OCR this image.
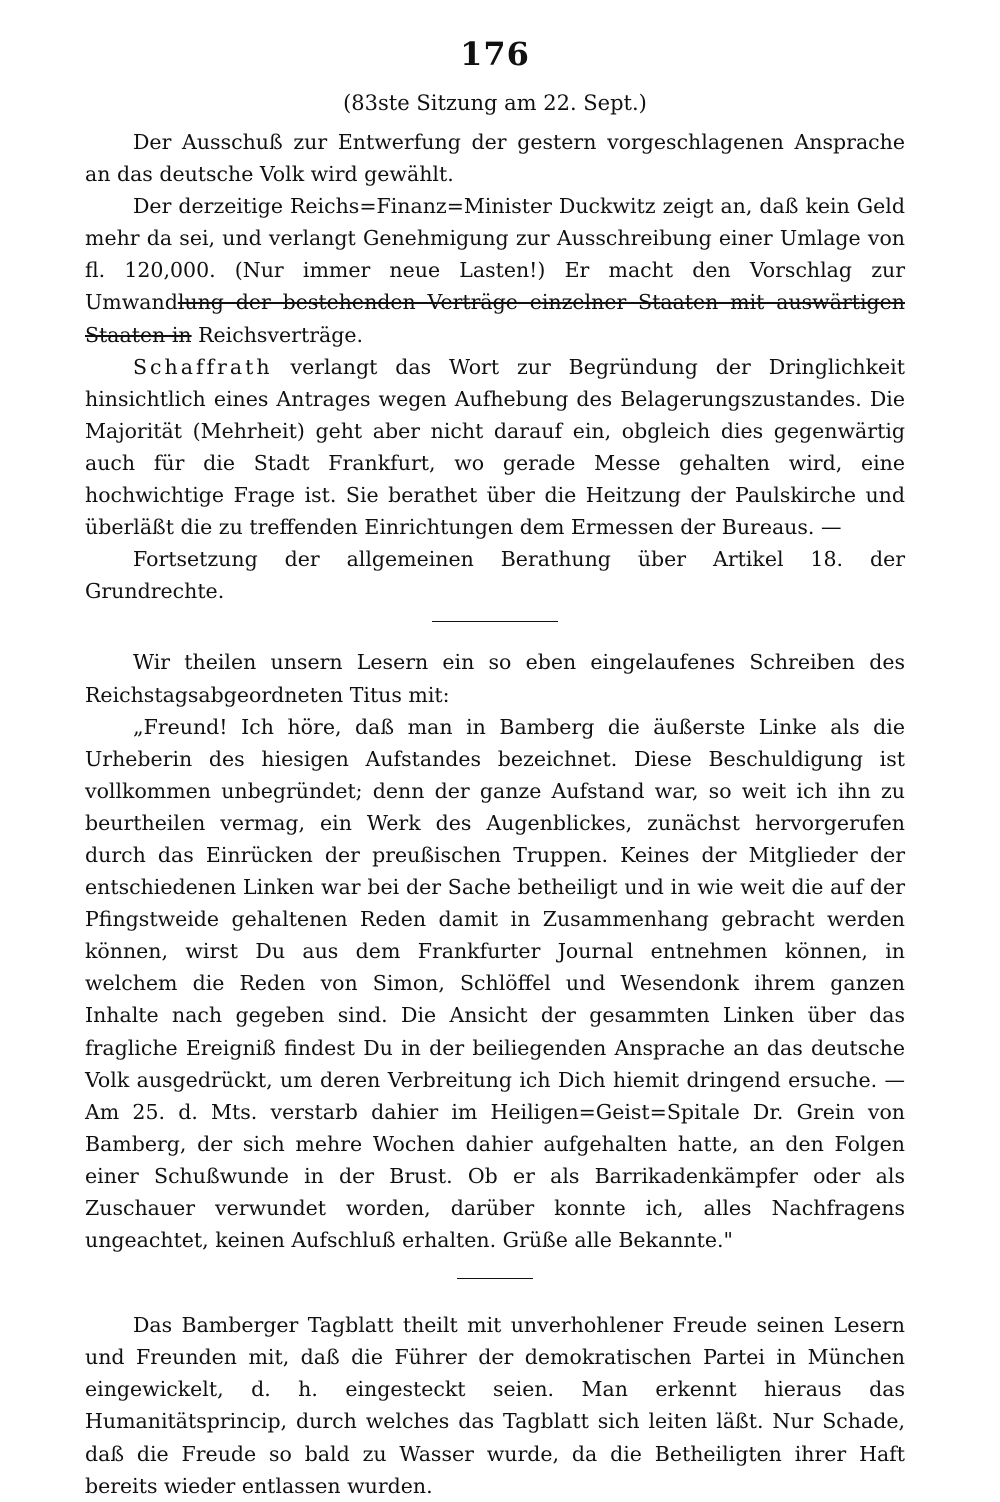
176
(83ste Sitzung am 22. Sept.)

Der Ausschuß zur Entwerfung der gestern vorgeschlagenen Ansprache an das deutsche Volk wird gewählt.

Der derzeitige Reichs=Finanz=Minister Duckwitz zeigt an, daß kein Geld mehr da sei, und verlangt Genehmigung zur Ausschreibung einer Umlage von fl. 120,000. (Nur immer neue Lasten!) Er macht den Vorschlag zur Umwandlung der bestehenden Verträge einzelner Staaten mit auswärtigen Staaten in Reichsverträge.

Schaffrath verlangt das Wort zur Begründung der Dringlichkeit hinsichtlich eines Antrages wegen Aufhebung des Belagerungszustandes. Die Majorität (Mehrheit) geht aber nicht darauf ein, obgleich dies gegenwärtig auch für die Stadt Frankfurt, wo gerade Messe gehalten wird, eine hochwichtige Frage ist. Sie berathet über die Heitzung der Paulskirche und überläßt die zu treffenden Einrichtungen dem Ermessen der Bureaus. —

Fortsetzung der allgemeinen Berathung über Artikel 18. der Grundrechte.

Wir theilen unsern Lesern ein so eben eingelaufenes Schreiben des Reichstagsabgeordneten Titus mit:

„Freund! Ich höre, daß man in Bamberg die äußerste Linke als die Urheberin des hiesigen Aufstandes bezeichnet. Diese Beschuldigung ist vollkommen unbegründet; denn der ganze Aufstand war, so weit ich ihn zu beurtheilen vermag, ein Werk des Augenblickes, zunächst hervorgerufen durch das Einrücken der preußischen Truppen. Keines der Mitglieder der entschiedenen Linken war bei der Sache betheiligt und in wie weit die auf der Pfingstweide gehaltenen Reden damit in Zusammenhang gebracht werden können, wirst Du aus dem Frankfurter Journal entnehmen können, in welchem die Reden von Simon, Schlöffel und Wesendonk ihrem ganzen Inhalte nach gegeben sind. Die Ansicht der gesammten Linken über das fragliche Ereigniß findest Du in der beiliegenden Ansprache an das deutsche Volk ausgedrückt, um deren Verbreitung ich Dich hiemit dringend ersuche. — Am 25. d. Mts. verstarb dahier im Heiligen=Geist=Spitale Dr. Grein von Bamberg, der sich mehre Wochen dahier aufgehalten hatte, an den Folgen einer Schußwunde in der Brust. Ob er als Barrikadenkämpfer oder als Zuschauer verwundet worden, darüber konnte ich, alles Nachfragens ungeachtet, keinen Aufschluß erhalten. Grüße alle Bekannte."

Das Bamberger Tagblatt theilt mit unverhohlener Freude seinen Lesern und Freunden mit, daß die Führer der demokratischen Partei in München eingewickelt, d. h. eingesteckt seien. Man erkennt hieraus das Humanitätsprincip, durch welches das Tagblatt sich leiten läßt. Nur Schade, daß die Freude so bald zu Wasser wurde, da die Betheiligten ihrer Haft bereits wieder entlassen wurden.
